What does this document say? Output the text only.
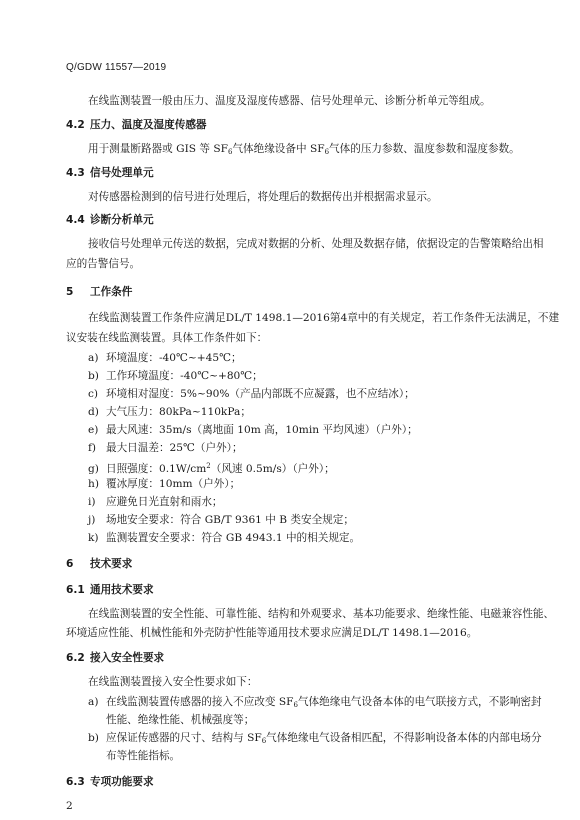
Q/GDW 11557—2019
在线监测装置一般由压力、温度及湿度传感器、信号处理单元、诊断分析单元等组成。
4.2 压力、温度及湿度传感器
用于测量断路器或 GIS 等 $SF_6$气体绝缘设备中 $SF_6$气体的压力参数、温度参数和湿度参数。
4.3 信号处理单元
对传感器检测到的信号进行处理后，将处理后的数据传出并根据需求显示。
4.4 诊断分析单元
接收信号处理单元传送的数据，完成对数据的分析、处理及数据存储，依据设定的告警策略给出相
应的告警信号。
5 工作条件
在线监测装置工作条件应满足DL/T 1498.1—2016第4章中的有关规定，若工作条件无法满足，不建
议安装在线监测装置。具体工作条件如下：
a) 环境温度：-40℃~+45℃；
b) 工作环境温度：-40℃~+80℃；
c) 环境相对湿度：5%~90%（产品内部既不应凝露，也不应结冰）；
d) 大气压力：80kPa~110kPa；
e) 最大风速：35m/s（离地面 10m 高，10min 平均风速）（户外）；
f) 最大日温差：25℃（户外）；
g) 日照强度：$0.1W/cm^2$（风速 0.5m/s）（户外）；
h) 覆冰厚度：10mm（户外）；
i) 应避免日光直射和雨水；
j) 场地安全要求：符合 GB/T 9361 中 B 类安全规定；
k) 监测装置安全要求：符合 GB 4943.1 中的相关规定。
6 技术要求
6.1 通用技术要求
在线监测装置的安全性能、可靠性能、结构和外观要求、基本功能要求、绝缘性能、电磁兼容性能、
环境适应性能、机械性能和外壳防护性能等通用技术要求应满足DL/T 1498.1—2016。
6.2 接入安全性要求
在线监测装置接入安全性要求如下：
a) 在线监测装置传感器的接入不应改变 $SF_6$气体绝缘电气设备本体的电气联接方式，不影响密封
性能、绝缘性能、机械强度等；
b) 应保证传感器的尺寸、结构与 $SF_6$气体绝缘电气设备相匹配，不得影响设备本体的内部电场分
布等性能指标。
6.3 专项功能要求
2
